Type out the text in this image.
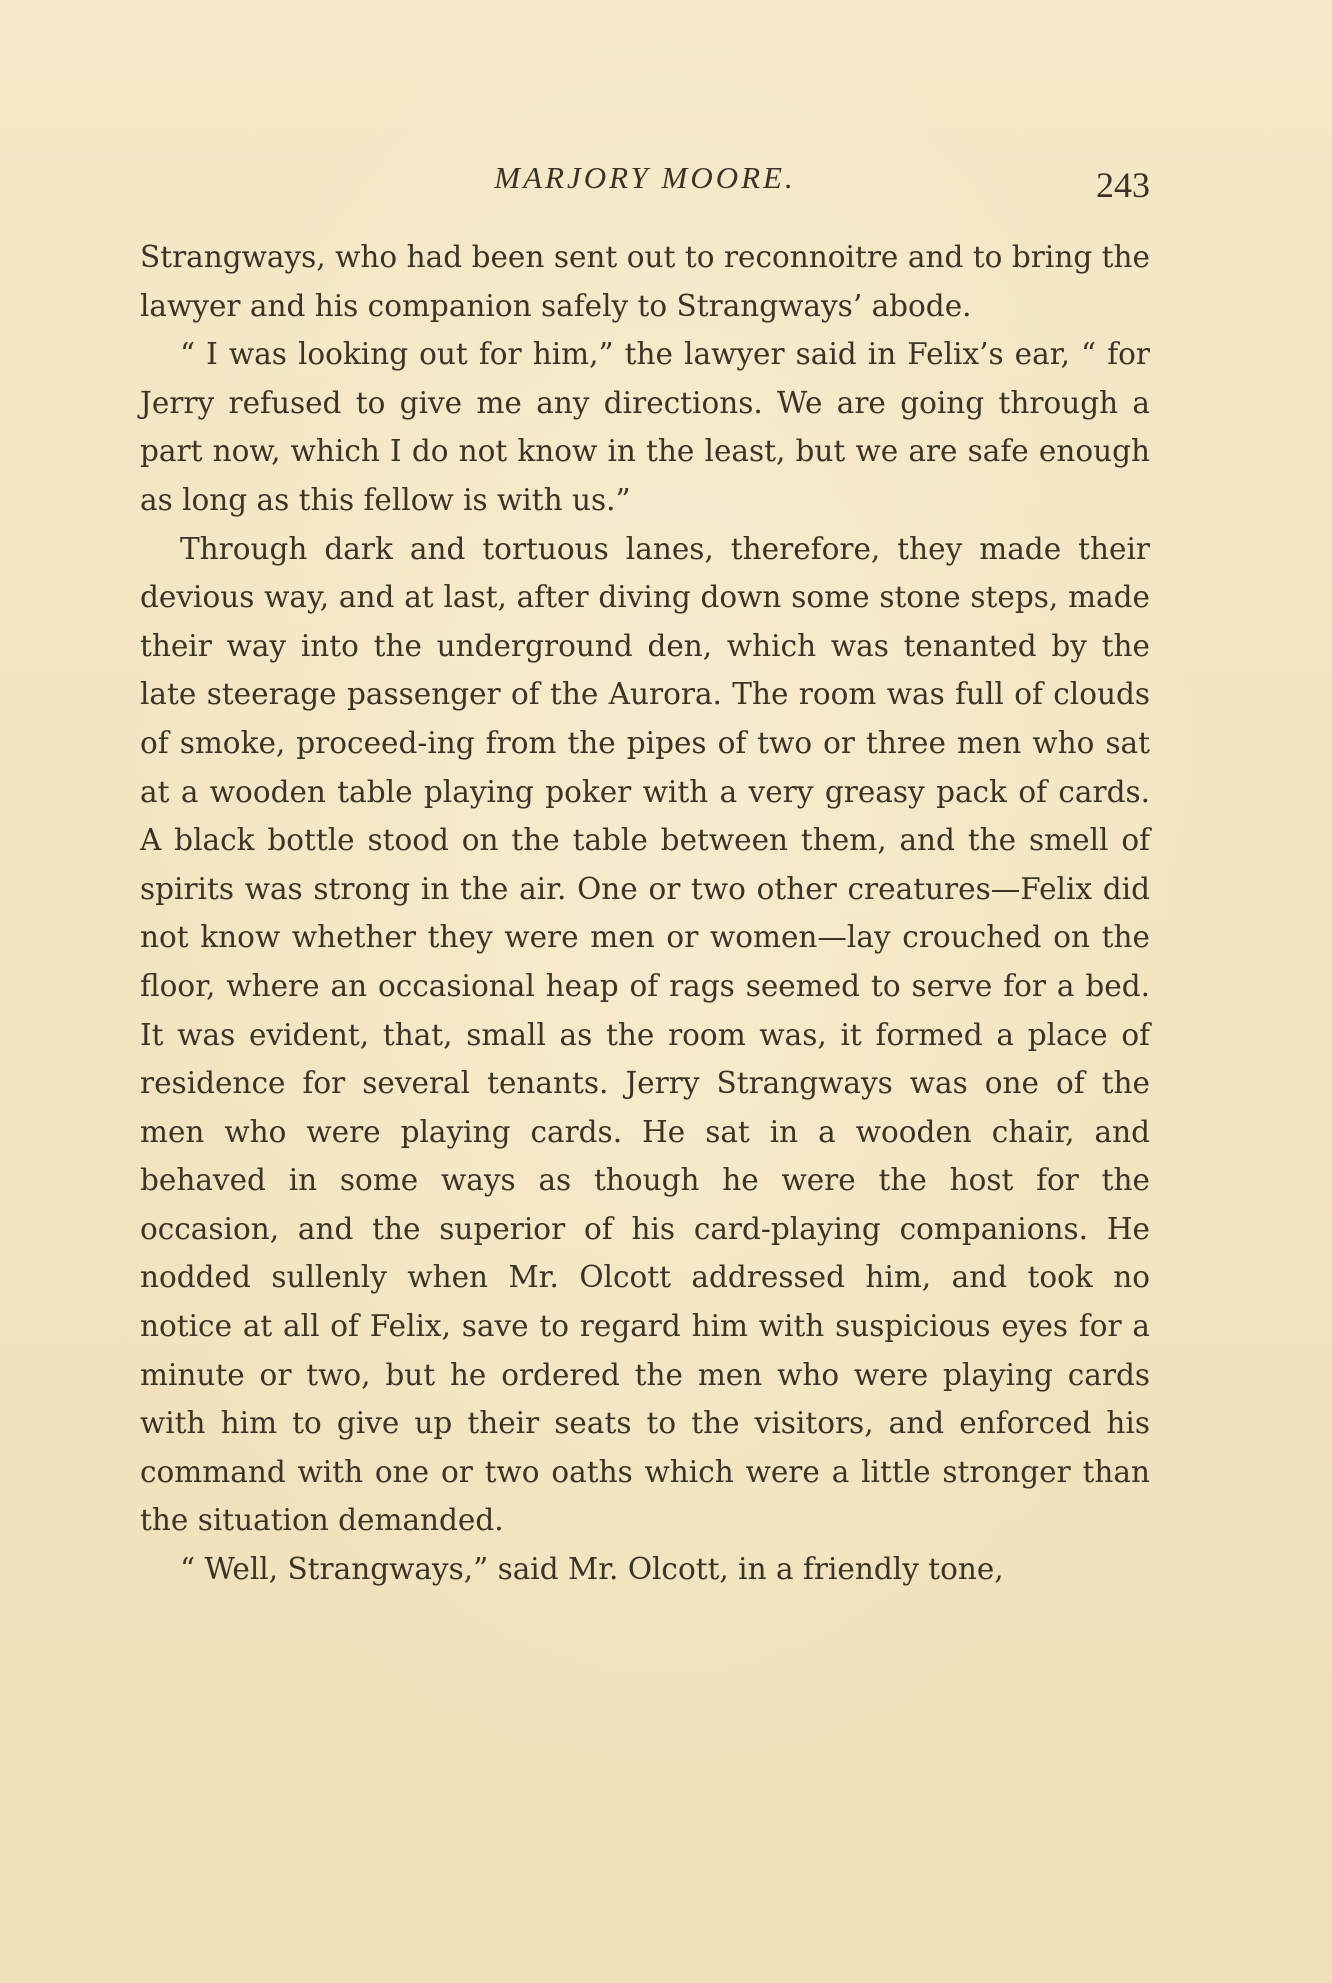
MARJORY MOORE.	243

Strangways, who had been sent out to reconnoitre and to bring the lawyer and his companion safely to Strangways’ abode.

“ I was looking out for him,” the lawyer said in Felix’s ear, “ for Jerry refused to give me any directions. We are going through a part now, which I do not know in the least, but we are safe enough as long as this fellow is with us.”

Through dark and tortuous lanes, therefore, they made their devious way, and at last, after diving down some stone steps, made their way into the underground den, which was tenanted by the late steerage passenger of the Aurora. The room was full of clouds of smoke, proceed-ing from the pipes of two or three men who sat at a wooden table playing poker with a very greasy pack of cards. A black bottle stood on the table between them, and the smell of spirits was strong in the air. One or two other creatures—Felix did not know whether they were men or women—lay crouched on the floor, where an occasional heap of rags seemed to serve for a bed. It was evident, that, small as the room was, it formed a place of residence for several tenants. Jerry Strangways was one of the men who were playing cards. He sat in a wooden chair, and behaved in some ways as though he were the host for the occasion, and the superior of his card-playing companions. He nodded sullenly when Mr. Olcott addressed him, and took no notice at all of Felix, save to regard him with suspicious eyes for a minute or two, but he ordered the men who were playing cards with him to give up their seats to the visitors, and enforced his command with one or two oaths which were a little stronger than the situation demanded.

“ Well, Strangways,” said Mr. Olcott, in a friendly tone,
